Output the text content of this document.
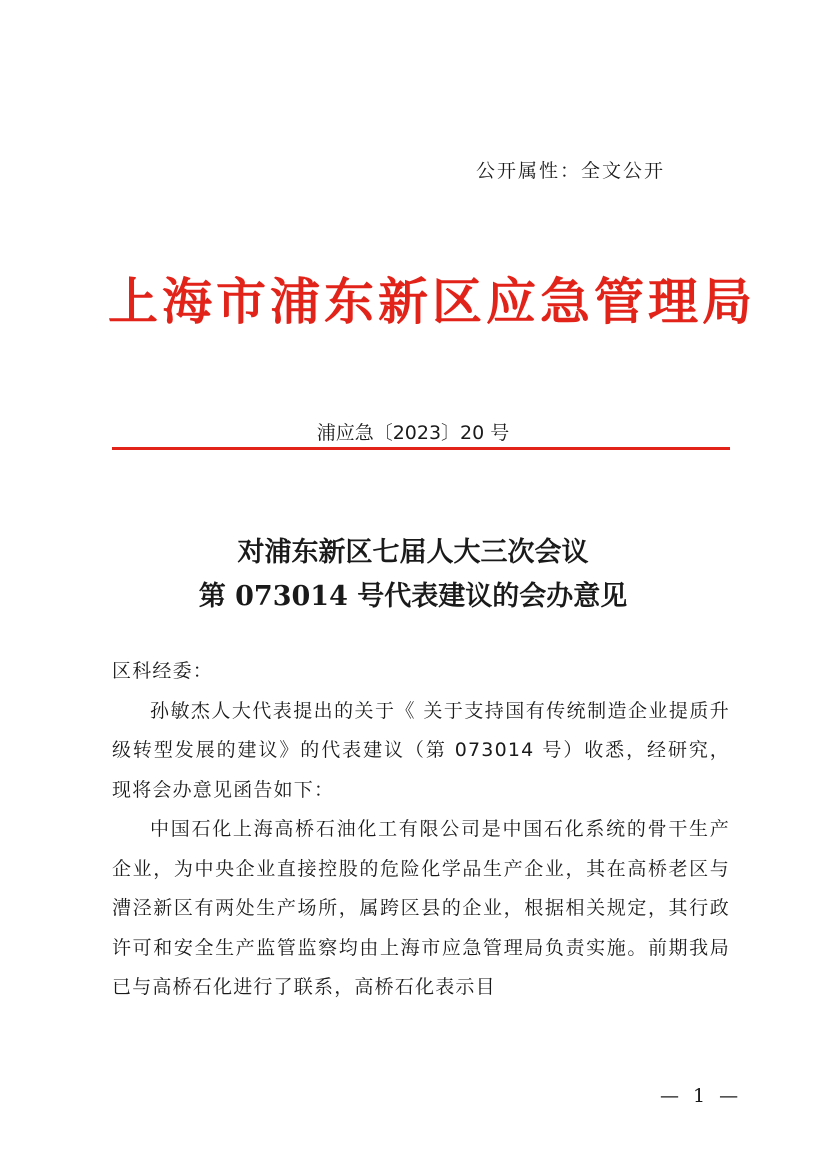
公开属性：全文公开
上海市浦东新区应急管理局
浦应急〔2023〕20 号
对浦东新区七届人大三次会议
第 073014 号代表建议的会办意见

区科经委：

孙敏杰人大代表提出的关于《 关于支持国有传统制造企业提质升级转型发展的建议》的代表建议（第 073014 号）收悉，经研究，现将会办意见函告如下：

中国石化上海高桥石油化工有限公司是中国石化系统的骨干生产企业，为中央企业直接控股的危险化学品生产企业，其在高桥老区与漕泾新区有两处生产场所，属跨区县的企业，根据相关规定，其行政许可和安全生产监管监察均由上海市应急管理局负责实施。前期我局已与高桥石化进行了联系，高桥石化表示目

— 1 —
